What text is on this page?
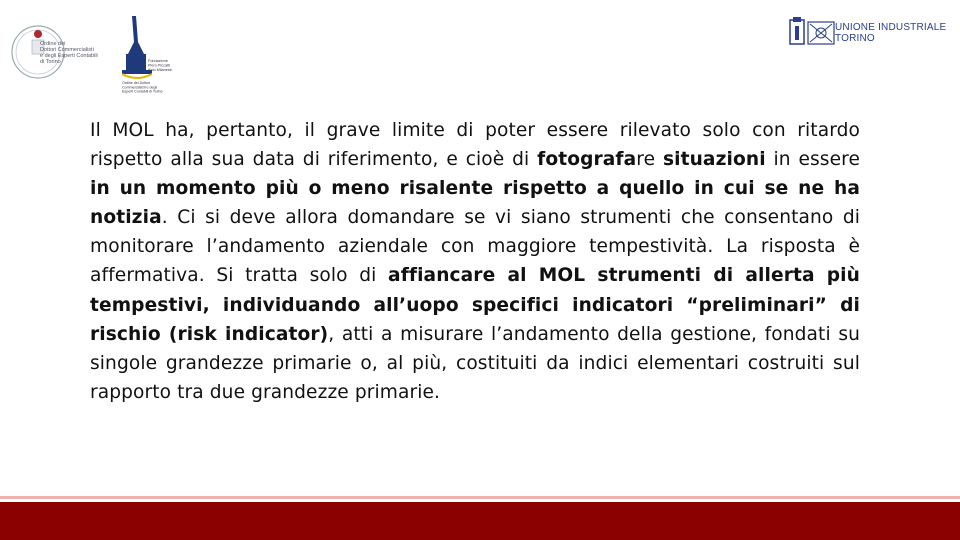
Ordine dei Dottori Commercialisti e degli Esperti Contabili di Torino	Fondazione Piero Piccatti Aldo Milanese
Ordine dei Dottori Commercialisti e degli Esperti Contabili di Torino
UNIONE INDUSTRIALE
TORINO
Il MOL ha, pertanto, il grave limite di poter essere rilevato solo con ritardo rispetto alla sua data di riferimento, e cioè di fotografare situazioni in essere in un momento più o meno risalente rispetto a quello in cui se ne ha notizia. Ci si deve allora domandare se vi siano strumenti che consentano di monitorare l’andamento aziendale con maggiore tempestività. La risposta è affermativa. Si tratta solo di affiancare al MOL strumenti di allerta più tempestivi, individuando all’uopo specifici indicatori “preliminari” di rischio (risk indicator), atti a misurare l’andamento della gestione, fondati su singole grandezze primarie o, al più, costituiti da indici elementari costruiti sul rapporto tra due grandezze primarie.
